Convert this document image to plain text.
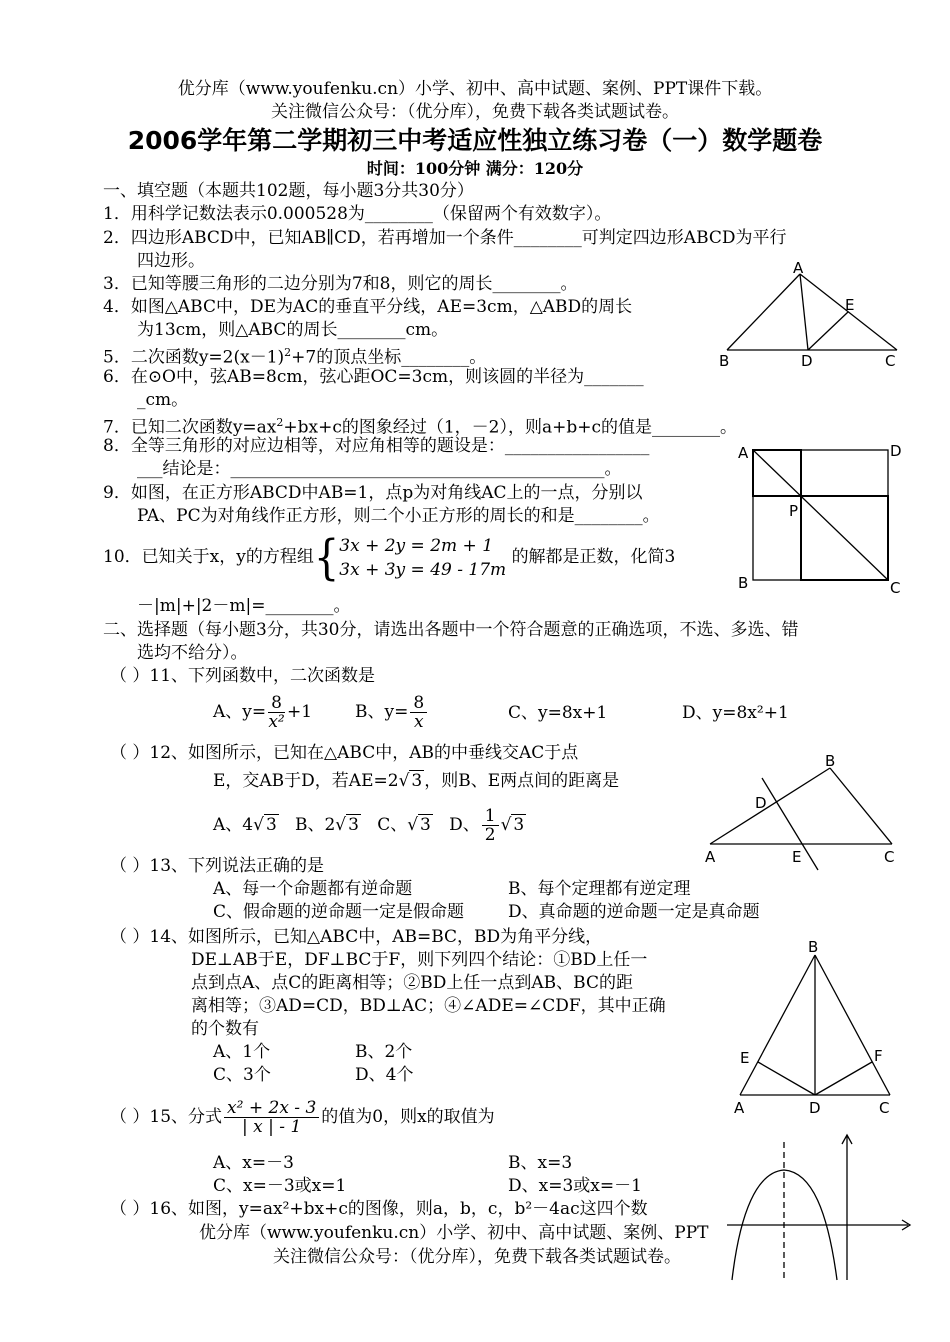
优分库（www.youfenku.cn）小学、初中、高中试题、案例、PPT课件下载。
关注微信公众号：（优分库），免费下载各类试题试卷。
2006学年第二学期初三中考适应性独立练习卷（一）数学题卷
时间：100分钟 满分：120分
一、填空题（本题共102题，每小题3分共30分）
1．用科学记数法表示0.000528为________（保留两个有效数字）。
2．四边形ABCD中，已知AB∥CD，若再增加一个条件________可判定四边形ABCD为平行
四边形。
3．已知等腰三角形的二边分别为7和8，则它的周长________。
4．如图△ABC中，DE为AC的垂直平分线，AE=3cm，△ABD的周长
为13cm，则△ABC的周长________cm。
5．二次函数$y=2(x-1)^2+7$的顶点坐标________。
6．在⊙O中，弦AB=8cm，弦心距OC=3cm，则该圆的半径为_______
_cm。
7．已知二次函数$y=ax^2+bx+c$的图象经过（1，－2），则a+b+c的值是________。
8．全等三角形的对应边相等，对应角相等的题设是：_________________
___结论是：____________________________________________。
9．如图，在正方形ABCD中AB=1，点p为对角线AC上的一点，分别以
PA、PC为对角线作正方形，则二个小正方形的周长的和是________。
10．已知关于x，y的方程组{ 3x + 2y = 2m + 1
3x + 3y = 49 - 17m
的解都是正数，化简3
－|m|+|2－m|=________。
二、选择题（每小题3分，共30分，请选出各题中一个符合题意的正确选项，不选、多选、错
选均不给分）。
（ ）11、下列函数中，二次函数是
A、$y= \frac{8}{\text{x²}} +1$	B、$y= \frac{8}{x}$	C、y=8x+1	D、y=8x²+1
（ ）12、如图所示，已知在△ABC中，AB的中垂线交AC于点
E，交AB于D，若AE=2√ 3 ，则B、E两点间的距离是
A、4√ 3 B、2√ 3 C、√ 3 D、 $\frac{1}{2}$ √ 3
（ ）13、下列说法正确的是
A、每一个命题都有逆命题	B、每个定理都有逆定理
C、假命题的逆命题一定是假命题	D、真命题的逆命题一定是真命题
（ ）14、如图所示，已知△ABC中，AB=BC，BD为角平分线，
DE⊥AB于E，DF⊥BC于F，则下列四个结论：①BD上任一
点到点A、点C的距离相等；②BD上任一点到AB、BC的距
离相等；③AD=CD，BD⊥AC；④∠ADE=∠CDF，其中正确
的个数有
A、1个	B、2个
C、3个	D、4个
（ ）15、分式 $\frac{\text{x² + 2x - 3}}{| x | - 1}$ 的值为0，则x的取值为
A、x=－3	B、x=3
C、x=－3或x=1	D、x=3或x=－1
（ ）16、如图，y=ax²+bx+c的图像，则a，b，c，b²－4ac这四个数
优分库（www.youfenku.cn）小学、初中、高中试题、案例、PPT
关注微信公众号：（优分库），免费下载各类试题试卷。
A
B	C
D
E
A
B	C
D
P
A
B
C
D
E
A
B
C
D
E	F
